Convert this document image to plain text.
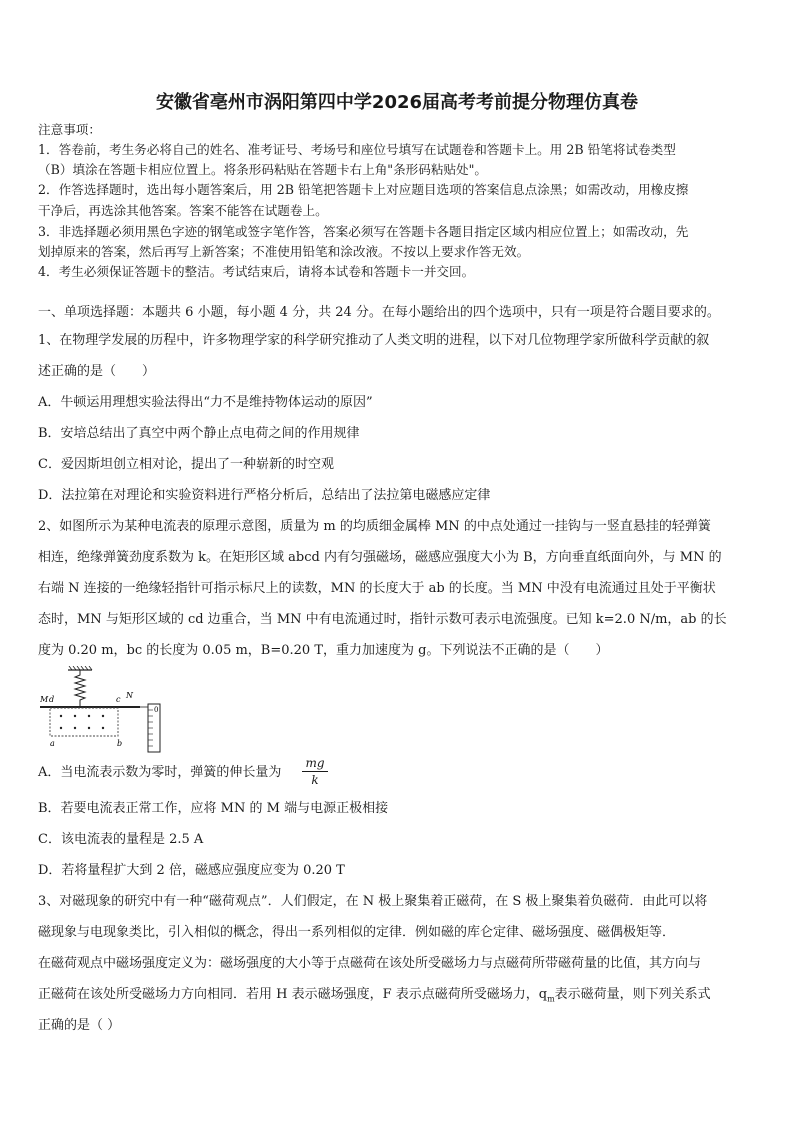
安徽省亳州市涡阳第四中学2026届高考考前提分物理仿真卷
注意事项：
1．答卷前，考生务必将自己的姓名、准考证号、考场号和座位号填写在试题卷和答题卡上。用 2B 铅笔将试卷类型
（B）填涂在答题卡相应位置上。将条形码粘贴在答题卡右上角"条形码粘贴处"。
2．作答选择题时，选出每小题答案后，用 2B 铅笔把答题卡上对应题目选项的答案信息点涂黑；如需改动，用橡皮擦
干净后，再选涂其他答案。答案不能答在试题卷上。
3．非选择题必须用黑色字迹的钢笔或签字笔作答，答案必须写在答题卡各题目指定区域内相应位置上；如需改动，先
划掉原来的答案，然后再写上新答案；不准使用铅笔和涂改液。不按以上要求作答无效。
4．考生必须保证答题卡的整洁。考试结束后，请将本试卷和答题卡一并交回。
一、单项选择题：本题共 6 小题，每小题 4 分，共 24 分。在每小题给出的四个选项中，只有一项是符合题目要求的。
1、在物理学发展的历程中，许多物理学家的科学研究推动了人类文明的进程，以下对几位物理学家所做科学贡献的叙
述正确的是（　　）
A．牛顿运用理想实验法得出“力不是维持物体运动的原因”
B．安培总结出了真空中两个静止点电荷之间的作用规律
C．爱因斯坦创立相对论，提出了一种崭新的时空观
D．法拉第在对理论和实验资料进行严格分析后，总结出了法拉第电磁感应定律
2、如图所示为某种电流表的原理示意图，质量为 m 的均质细金属棒 MN 的中点处通过一挂钩与一竖直悬挂的轻弹簧
相连，绝缘弹簧劲度系数为 k。在矩形区域 abcd 内有匀强磁场，磁感应强度大小为 B，方向垂直纸面向外，与 MN 的
右端 N 连接的一绝缘轻指针可指示标尺上的读数，MN 的长度大于 ab 的长度。当 MN 中没有电流通过且处于平衡状
态时，MN 与矩形区域的 cd 边重合，当 MN 中有电流通过时，指针示数可表示电流强度。已知 k=2.0 N/m，ab 的长
度为 0.20 m，bc 的长度为 0.05 m，B=0.20 T，重力加速度为 g。下列说法不正确的是（　　）
M d	c N
a	b
0
A．当电流表示数为零时，弹簧的伸长量为
mg
k
B．若要电流表正常工作，应将 MN 的 M 端与电源正极相接
C．该电流表的量程是 2.5 A
D．若将量程扩大到 2 倍，磁感应强度应变为 0.20 T
3、对磁现象的研究中有一种“磁荷观点”．人们假定，在 N 极上聚集着正磁荷，在 S 极上聚集着负磁荷．由此可以将
磁现象与电现象类比，引入相似的概念，得出一系列相似的定律．例如磁的库仑定律、磁场强度、磁偶极矩等．
在磁荷观点中磁场强度定义为：磁场强度的大小等于点磁荷在该处所受磁场力与点磁荷所带磁荷量的比值，其方向与
正磁荷在该处所受磁场力方向相同．若用 H 表示磁场强度，F 表示点磁荷所受磁场力，$q_m$表示磁荷量，则下列关系式
正确的是（ ）
